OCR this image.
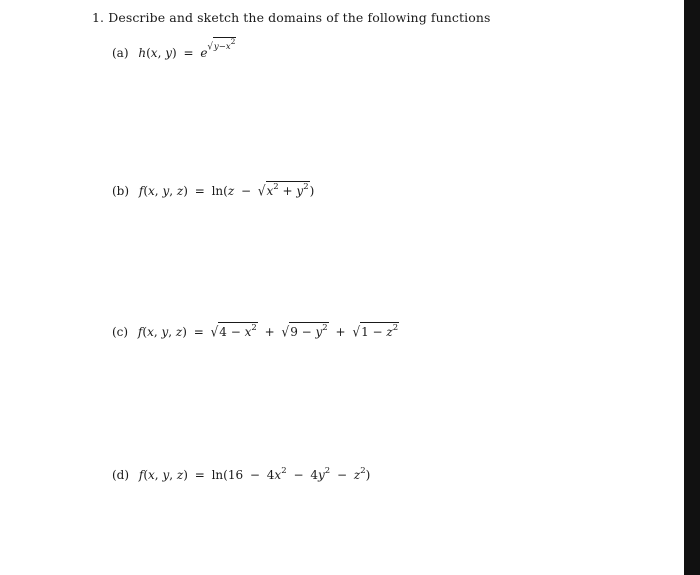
1. Describe and sketch the domains of the following functions
(a) h(x, y) = e√y−x2
(b) f(x, y, $z) = \ln(z - √x^2 + y^2)$
(c) f(x, y, $z) = √4 - x^2 + √9 - y^2 + √1 - z^2$
(d) f(x, y, $z) = \ln(16 - 4x^2 - 4y^2 - z^2)$
